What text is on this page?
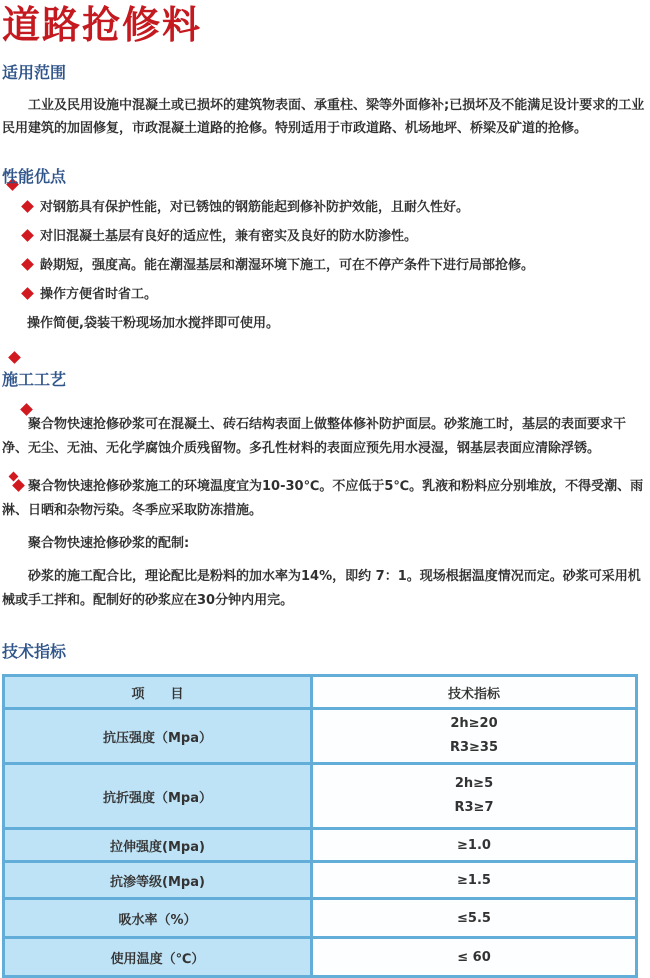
道路抢修料
适用范围

工业及民用设施中混凝土或已损坏的建筑物表面、承重柱、梁等外面修补;已损坏及不能满足设计要求的工业民用建筑的加固修复，市政混凝土道路的抢修。特别适用于市政道路、机场地坪、桥梁及矿道的抢修。

性能优点
对钢筋具有保护性能，对已锈蚀的钢筋能起到修补防护效能，且耐久性好。
对旧混凝土基层有良好的适应性，兼有密实及良好的防水防渗性。
龄期短，强度高。能在潮湿基层和潮湿环境下施工，可在不停产条件下进行局部抢修。
操作方便省时省工。
操作简便,袋装干粉现场加水搅拌即可使用。
施工工艺

聚合物快速抢修砂浆可在混凝土、砖石结构表面上做整体修补防护面层。砂浆施工时，基层的表面要求干净、无尘、无油、无化学腐蚀介质残留物。多孔性材料的表面应预先用水浸湿，钢基层表面应清除浮锈。

聚合物快速抢修砂浆施工的环境温度宜为10-30℃。不应低于5℃。乳液和粉料应分别堆放，不得受潮、雨淋、日晒和杂物污染。冬季应采取防冻措施。

聚合物快速抢修砂浆的配制:

砂浆的施工配合比，理论配比是粉料的加水率为14%，即约 7：1。现场根据温度情况而定。砂浆可采用机械或手工拌和。配制好的砂浆应在30分钟内用完。

技术指标
项　　目	技术指标
抗压强度（Mpa）	2h≥20
R3≥35

抗折强度（Mpa）	2h≥5
R3≥7

拉伸强度(Mpa)	≥1.0
抗渗等级(Mpa)	≥1.5
吸水率（%）	≤5.5
使用温度（℃）	≤ 60
